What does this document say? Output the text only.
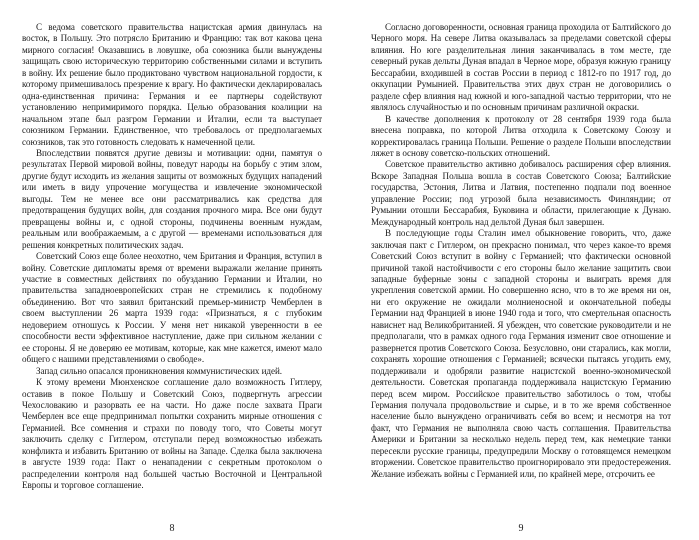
С ведома советского правительства нацистская армия двинулась на восток, в Польшу. Это потрясло Британию и Францию: так вот какова цена мирного согласия! Оказавшись в ловушке, оба союзника были вынуждены защищать свою историческую территорию собственными силами и вступить в войну. Их решение было продиктовано чувством национальной гордости, к которому примешивалось презрение к врагу. Но фактически декларировалась одна-единственная причина: Германия и ее партнеры содействуют установлению непримиримого порядка. Целью образования коалиции на начальном этапе был разгром Германии и Италии, если та выступает союзником Германии. Единственное, что требовалось от предполагаемых союзников, так это готовность следовать к намеченной цели.

Впоследствии появятся другие девизы и мотивации: одни, памятуя о результатах Первой мировой войны, поведут народы на борьбу с этим злом, другие будут исходить из желания защиты от возможных будущих нападений или иметь в виду упрочение могущества и извлечение экономической выгоды. Тем не менее все они рассматривались как средства для предотвращения будущих войн, для создания прочного мира. Все они будут превращены войны и, с одной стороны, подчинены военным нуждам, реальным или воображаемым, а с другой — временами использоваться для решения конкретных политических задач.

Советский Союз еще более неохотно, чем Британия и Франция, вступил в войну. Советские дипломаты время от времени выражали желание принять участие в совместных действиях по обузданию Германии и Италии, но правительства западноевропейских стран не стремились к подобному объединению. Вот что заявил британский премьер-министр Чемберлен в своем выступлении 26 марта 1939 года: «Признаться, я с глубоким недоверием отношусь к России. У меня нет никакой уверенности в ее способности вести эффективное наступление, даже при сильном желании с ее стороны. Я не доверяю ее мотивам, которые, как мне кажется, имеют мало общего с нашими представлениями о свободе».

Запад сильно опасался проникновения коммунистических идей.

К этому времени Мюнхенское соглашение дало возможность Гитлеру, оставив в покое Польшу и Советский Союз, подвергнуть агрессии Чехословакию и разорвать ее на части. Но даже после захвата Праги Чемберлен все еще предпринимал попытки сохранить мирные отношения с Германией. Все сомнения и страхи по поводу того, что Советы могут заключить сделку с Гитлером, отступали перед возможностью избежать конфликта и избавить Британию от войны на Западе. Сделка была заключена в августе 1939 года: Пакт о ненападении с секретным протоколом о распределении контроля над большей частью Восточной и Центральной Европы и торговое соглашение.

8

Согласно договоренности, основная граница проходила от Балтийского до Черного моря. На севере Литва оказывалась за пределами советской сферы влияния. Но юге разделительная линия заканчивалась в том месте, где северный рукав дельты Дуная впадал в Черное море, образуя южную границу Бессарабии, входившей в состав России в период с 1812-го по 1917 год, до оккупации Румынией. Правительства этих двух стран не договорились о разделе сфер влияния над южной и юго-западной частью территории, что не являлось случайностью и по основным причинам различной окраски.

В качестве дополнения к протоколу от 28 сентября 1939 года была внесена поправка, по которой Литва отходила к Советскому Союзу и корректировалась граница Польши. Решение о разделе Польши впоследствии ляжет в основу советско-польских отношений.

Советское правительство активно добивалось расширения сфер влияния. Вскоре Западная Польша вошла в состав Советского Союза; Балтийские государства, Эстония, Литва и Латвия, постепенно подпали под военное управление России; под угрозой была независимость Финляндии; от Румынии отошли Бессарабия, Буковина и области, прилегающие к Дунаю. Международный контроль над дельтой Дуная был завершен.

В последующие годы Сталин имел обыкновение говорить, что, даже заключая пакт с Гитлером, он прекрасно понимал, что через какое-то время Советский Союз вступит в войну с Германией; что фактически основной причиной такой настойчивости с его стороны было желание защитить свои западные буферные зоны с западной стороны и выиграть время для укрепления советской армии. Но совершенно ясно, что в то же время ни он, ни его окружение не ожидали молниеносной и окончательной победы Германии над Францией в июне 1940 года и того, что смертельная опасность нависнет над Великобританией. Я убежден, что советские руководители и не предполагали, что в рамках одного года Германия изменит свое отношение и развернется против Советского Союза. Безусловно, они старались, как могли, сохранять хорошие отношения с Германией; всячески пытаясь угодить ему, поддерживали и одобряли развитие нацистской военно-экономической деятельности. Советская пропаганда поддерживала нацистскую Германию перед всем миром. Российское правительство заботилось о том, чтобы Германия получала продовольствие и сырье, и в то же время собственное население было вынуждено ограничивать себя во всем; и несмотря на тот факт, что Германия не выполняла свою часть соглашения. Правительства Америки и Британии за несколько недель перед тем, как немецкие танки пересекли русские границы, предупредили Москву о готовящемся немецком вторжении. Советское правительство проигнорировало эти предостережения. Желание избежать войны с Германией или, по крайней мере, отсрочить ее

9
